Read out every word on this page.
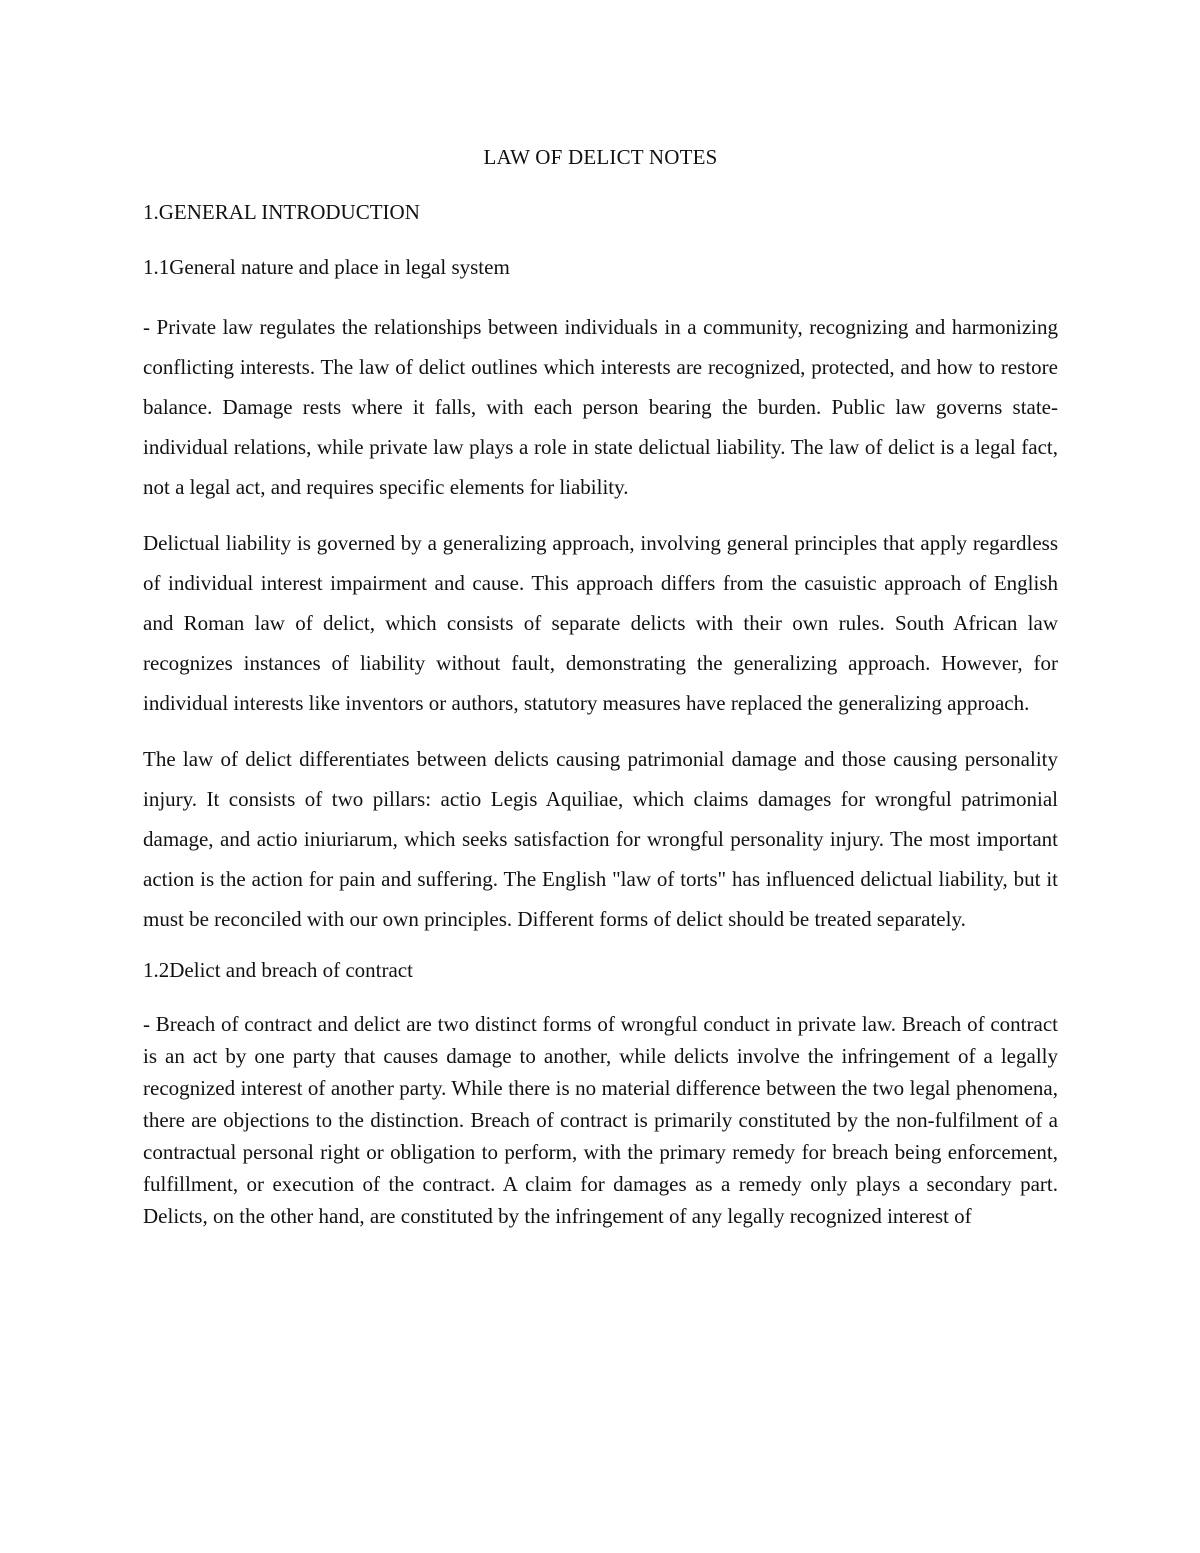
LAW OF DELICT NOTES
1.GENERAL INTRODUCTION
1.1General nature and place in legal system

- Private law regulates the relationships between individuals in a community, recognizing and harmonizing conflicting interests. The law of delict outlines which interests are recognized, protected, and how to restore balance. Damage rests where it falls, with each person bearing the burden. Public law governs state-individual relations, while private law plays a role in state delictual liability. The law of delict is a legal fact, not a legal act, and requires specific elements for liability.

Delictual liability is governed by a generalizing approach, involving general principles that apply regardless of individual interest impairment and cause. This approach differs from the casuistic approach of English and Roman law of delict, which consists of separate delicts with their own rules. South African law recognizes instances of liability without fault, demonstrating the generalizing approach. However, for individual interests like inventors or authors, statutory measures have replaced the generalizing approach.

The law of delict differentiates between delicts causing patrimonial damage and those causing personality injury. It consists of two pillars: actio Legis Aquiliae, which claims damages for wrongful patrimonial damage, and actio iniuriarum, which seeks satisfaction for wrongful personality injury. The most important action is the action for pain and suffering. The English "law of torts" has influenced delictual liability, but it must be reconciled with our own principles. Different forms of delict should be treated separately.

1.2Delict and breach of contract

- Breach of contract and delict are two distinct forms of wrongful conduct in private law. Breach of contract is an act by one party that causes damage to another, while delicts involve the infringement of a legally recognized interest of another party. While there is no material difference between the two legal phenomena, there are objections to the distinction. Breach of contract is primarily constituted by the non-fulfilment of a contractual personal right or obligation to perform, with the primary remedy for breach being enforcement, fulfillment, or execution of the contract. A claim for damages as a remedy only plays a secondary part. Delicts, on the other hand, are constituted by the infringement of any legally recognized interest of
